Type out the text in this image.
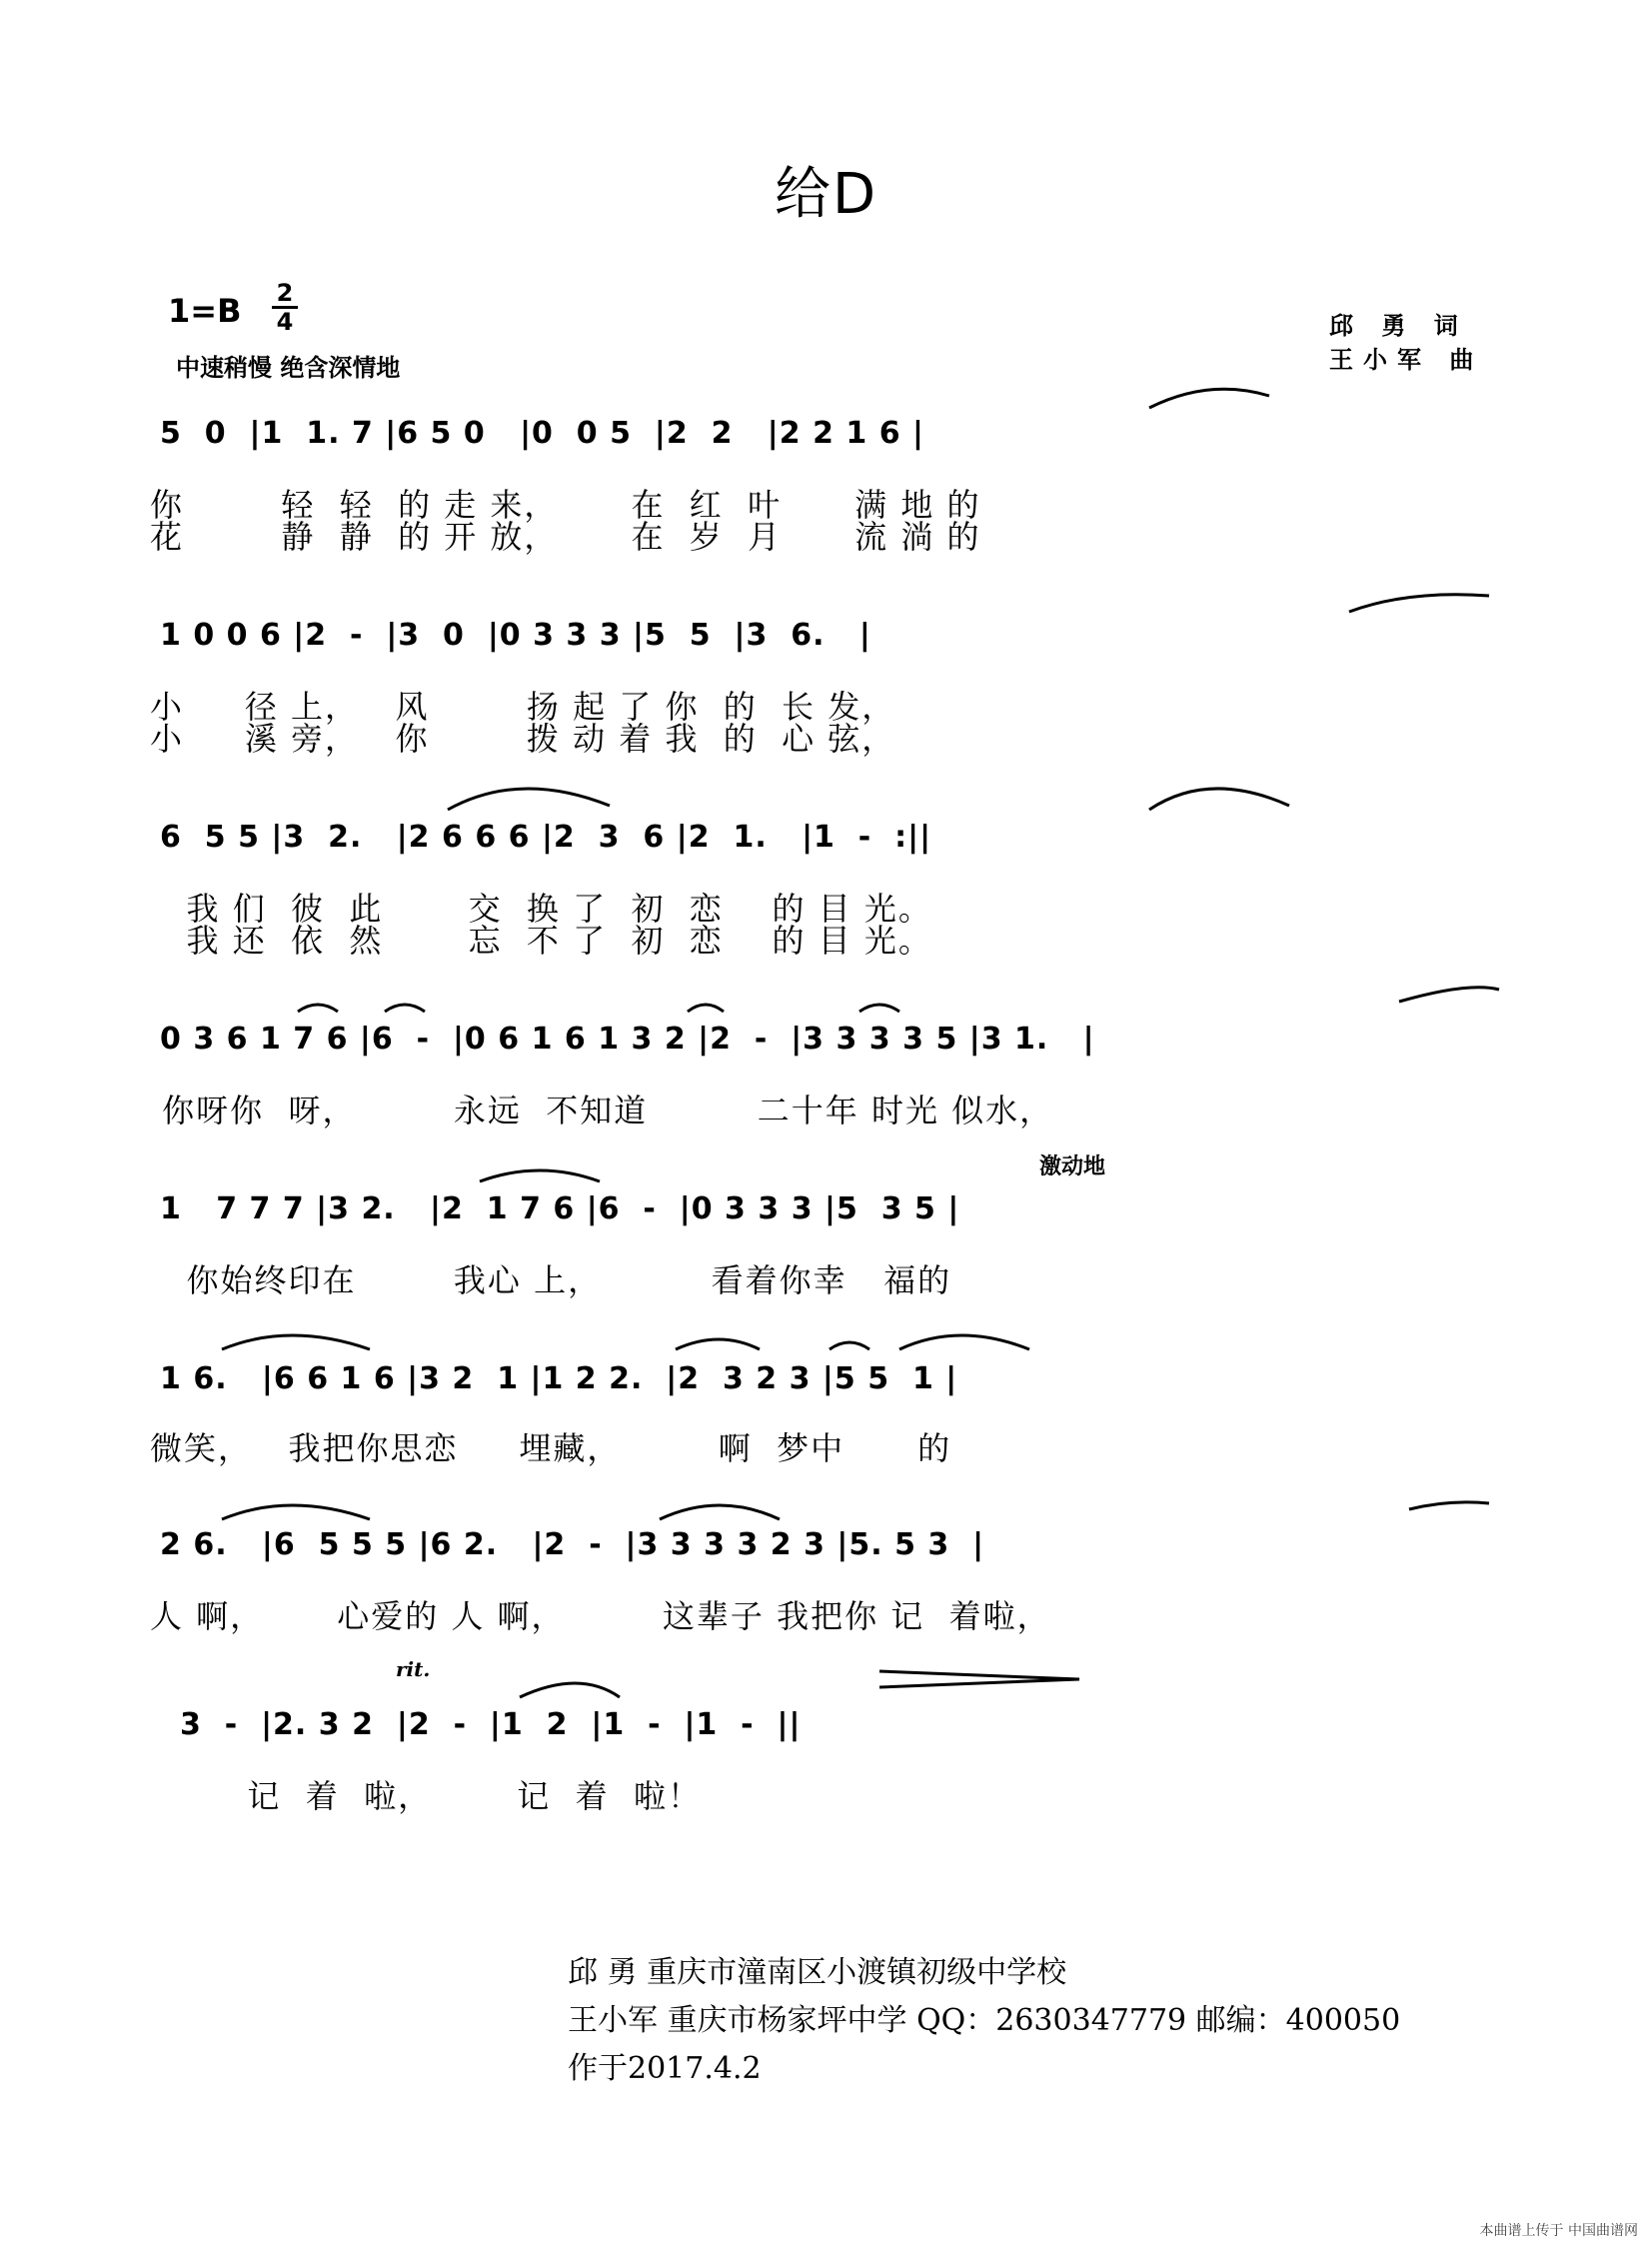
给D
1=B 2
4
中速稍慢 绝含深情地
邱 勇 词
王小军 曲
5  0  |1  1. 7 |6 5 0   |0  0 5  |2  2   |2 2 1 6 |
你        轻  轻  的 走 来，      在  红  叶      满 地 的
花        静  静  的 开 放，      在  岁  月      流 淌 的
1 0 0 6 |2  -  |3  0  |0 3 3 3 |5  5  |3  6.   |
小     径 上，   风        扬 起 了 你  的  长 发，
小     溪 旁，   你        拨 动 着 我  的  心 弦，
6  5 5 |3  2.   |2 6 6 6 |2  3  6 |2  1.   |1  -  :||
我 们  彼  此       交  换 了  初  恋    的 目 光。
我 还  依  然       忘  不 了  初  恋    的 目 光。
0 3 6 1 7 6 |6  -  |0 6 1 6 1 3 2 |2  -  |3 3 3 3 5 |3 1.   |
你呀你  呀，        永远  不知道         二十年 时光 似水，
激动地
1   7 7 7 |3 2.   |2  1 7 6 |6  -  |0 3 3 3 |5  3 5 |
你始终印在        我心 上，         看着你幸   福的
1 6.   |6 6 1 6 |3 2  1 |1 2 2.  |2  3 2 3 |5 5  1 |
微笑，   我把你思恋     埋藏，        啊  梦中      的
2 6.   |6  5 5 5 |6 2.   |2  -  |3 3 3 3 2 3 |5. 5 3  |
人 啊，      心爱的 人 啊，        这辈子 我把你 记  着啦，
rit.
3  -  |2. 3 2  |2  -  |1  2  |1  -  |1  -  ||
记  着  啦，       记  着  啦！
邱 勇 重庆市潼南区小渡镇初级中学校
王小军 重庆市杨家坪中学 QQ：2630347779 邮编：400050
作于2017.4.2
本曲谱上传于 中国曲谱网
